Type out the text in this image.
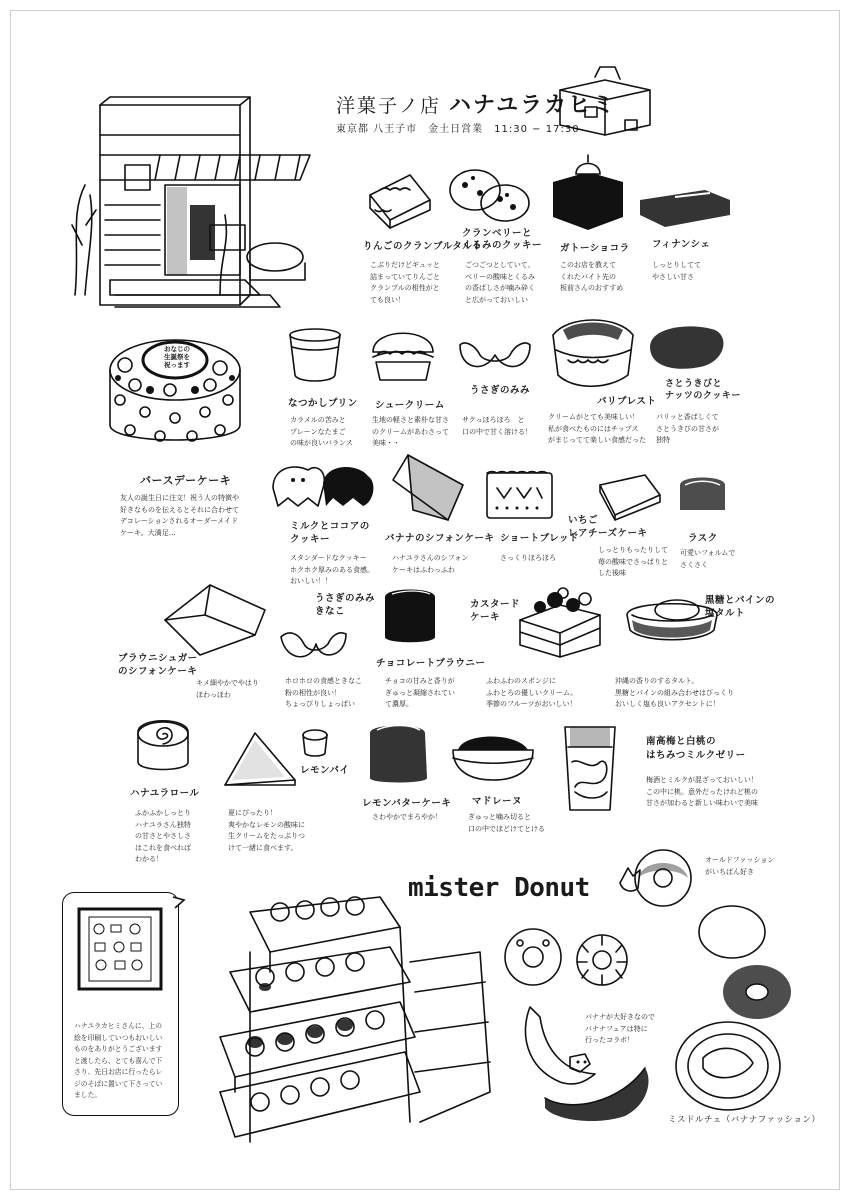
洋菓子ノ店 ハナユラカヒミ
東京都 八王子市　金土日営業　11:30 − 17:30
りんごのクランブルタルト
こぶりだけどギュッと
詰まっていてりんごと
クランブルの相性がと
ても良い！
クランベリーと
くるみのクッキー
ごつごつとしていて、
ベリーの酸味とくるみ
の香ばしさが噛み砕く
と広がっておいしい
ガトーショコラ
このお店を教えて
くれたバイト先の
板前さんのおすすめ
フィナンシェ
しっとりしてて
やさしい甘さ
おなじの
生誕祭を
祝っます
バースデーケーキ
友人の誕生日に注文！祝う人の特徴や
好きなものを伝えるとそれに合わせて
デコレーションされるオーダーメイド
ケーキ。大満足…
なつかしプリン
カラメルの苦みと
プレーンなたまご
の味が良いバランス
シュークリーム
生地の軽さと素朴な甘さ
のクリームがあわさって
美味・・
うさぎのみみ
サクっほろほろ　と
口の中で甘く溶ける！
パリブレスト
クリームがとても美味しい！
私が食べたものにはチップス
がまじってて楽しい食感だった
さとうきびと
ナッツのクッキー
パリッと香ばしくて
さとうきびの甘さが
独特
ミルクとココアの
クッキー
スタンダードなクッキー
ホクホク厚みのある食感。
おいしい！！
バナナのシフォンケーキ
ハナユラさんのシフォン
ケーキはふわっふわ
ショートブレッド
さっくりほろほろ
いちご
レアチーズケーキ
しっとりもったりして
苺の酸味でさっぱりと
した後味
ラスク
可愛いフォルムで
さくさく
ブラウニシュガー
のシフォンケーキ
キメ細やかでやはり
ほわっほわ
うさぎのみみ
きなこ
ホロホロの食感ときなこ
粉の相性が良い！
ちょっぴりしょっぱい
チョコレートブラウニー
チョコの甘みと香りが
ぎゅっと凝縮されてい
て濃厚。
カスタード
ケーキ
ふわふわのスポンジに
ふわとろの優しいクリーム。
季節のフルーツがおいしい！
黒糖とパインの
塩タルト
沖縄の香りのするタルト。
黒糖とパインの組み合わせはびっくり
おいしく塩も良いアクセントに！
ハナユラロール
ふかふかしっとり
ハナユラさん独特
の甘さとやさしさ
はこれを食べれば
わかる！
レモンパイ
夏にぴったり！
爽やかなレモンの酸味に
生クリームをたっぷりつ
けて一緒に食べます。
レモンバターケーキ
さわやかでまろやか！
マドレーヌ
ぎゅっと噛み切ると
口の中でほどけてとける
南高梅と白桃の
はちみつミルクゼリー
梅酒とミルクが混ざっておいしい！
この中に桃。意外だったけれど桃の
甘さが加わると新しい味わいで美味
mister Donut
オールドファッション
がいちばん好き
バナナが大好きなので
バナナフェアは特に
行ったコラボ！
ミスドルチェ（バナナファッション）
ハナユラカヒミさんに、上の
絵を印刷していつもおいしい
ものをありがとうございます
と渡したら、とても喜んで下
さり、先日お店に行ったらレ
ジのそばに置いて下さってい
ました。
